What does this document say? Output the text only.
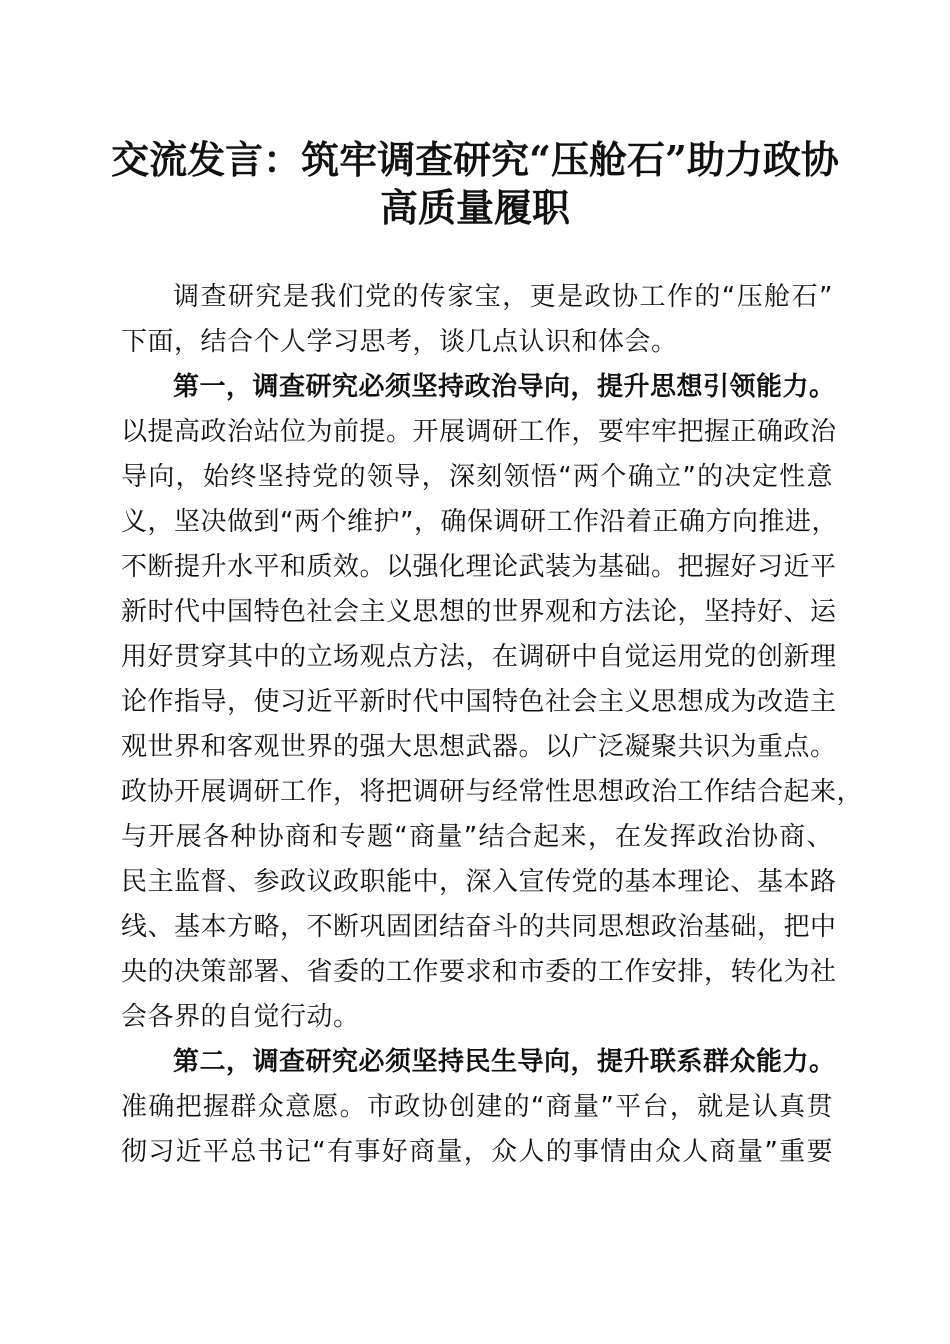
交流发言：筑牢调查研究“压舱石”助力政协
高质量履职
调查研究是我们党的传家宝，更是政协工作的“压舱石”
下面，结合个人学习思考，谈几点认识和体会。
第一，调查研究必须坚持政治导向，提升思想引领能力。
以提高政治站位为前提。开展调研工作，要牢牢把握正确政治
导向，始终坚持党的领导，深刻领悟“两个确立”的决定性意
义，坚决做到“两个维护”，确保调研工作沿着正确方向推进，
不断提升水平和质效。以强化理论武装为基础。把握好习近平
新时代中国特色社会主义思想的世界观和方法论，坚持好、运
用好贯穿其中的立场观点方法，在调研中自觉运用党的创新理
论作指导，使习近平新时代中国特色社会主义思想成为改造主
观世界和客观世界的强大思想武器。以广泛凝聚共识为重点。
政协开展调研工作，将把调研与经常性思想政治工作结合起来，
与开展各种协商和专题“商量”结合起来，在发挥政治协商、
民主监督、参政议政职能中，深入宣传党的基本理论、基本路
线、基本方略，不断巩固团结奋斗的共同思想政治基础，把中
央的决策部署、省委的工作要求和市委的工作安排，转化为社
会各界的自觉行动。
第二，调查研究必须坚持民生导向，提升联系群众能力。
准确把握群众意愿。市政协创建的“商量”平台，就是认真贯
彻习近平总书记“有事好商量，众人的事情由众人商量”重要
